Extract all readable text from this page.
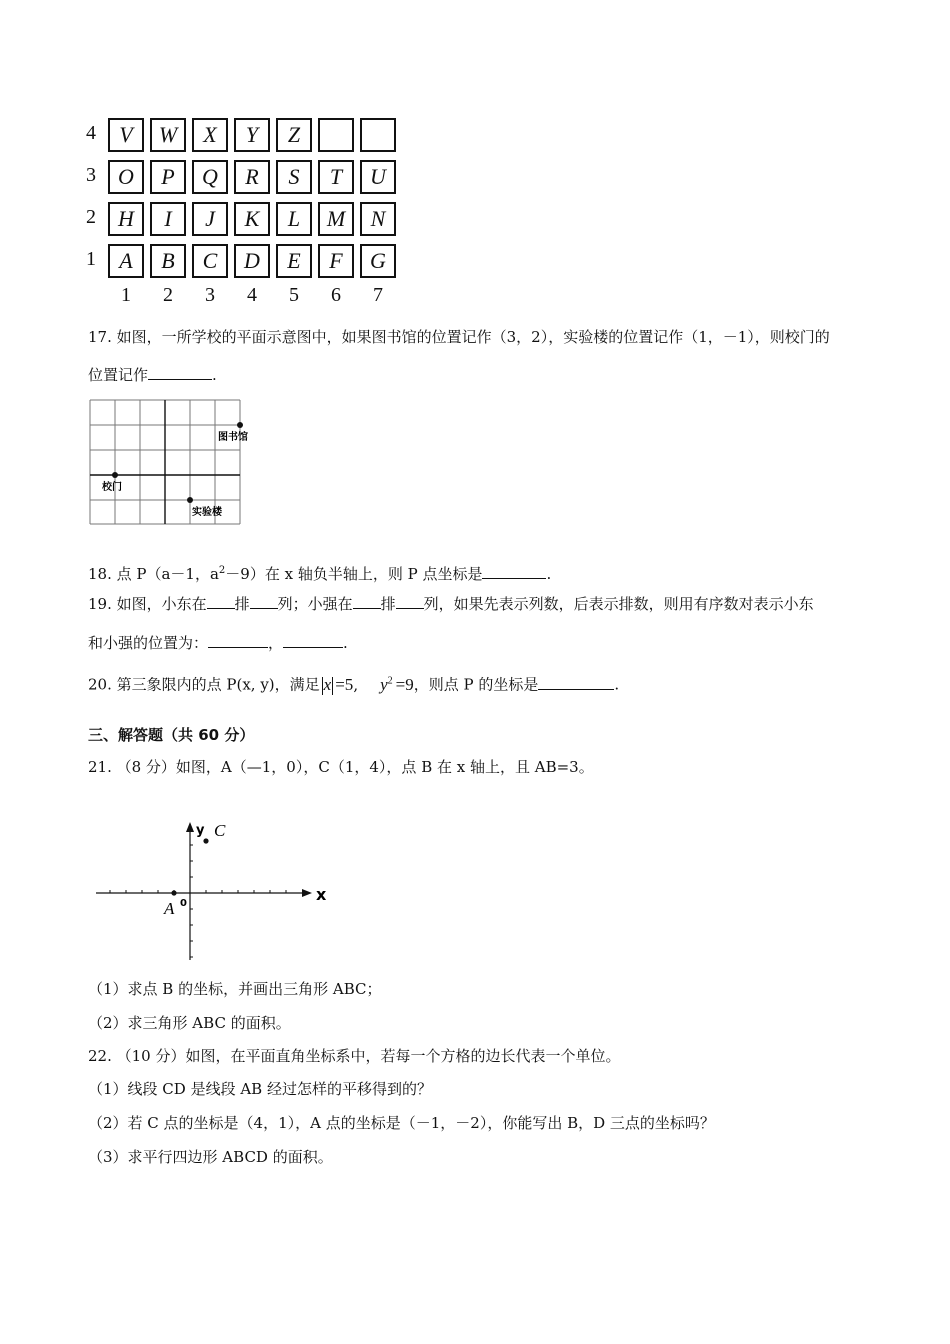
4	V	W	X	Y	Z
3	O	P	Q	R	S	T	U
2	H	I	J	K	L	M	N
1	A	B	C	D	E	F	G
1	2	3	4	5	6	7
17. 如图，一所学校的平面示意图中，如果图书馆的位置记作（3，2），实验楼的位置记作（1，－1），则校门的
位置记作	.
图书馆
校门
实验楼
18. 点 P（a－1，$a^2-9$）在 x 轴负半轴上，则 P 点坐标是	.
19. 如图，小东在 排 列；小强在 排 列，如果先表示列数，后表示排数，则用有序数对表示小东
和小强的位置为：	，	.
20. 第三象限内的点 P(x, y)，满足 x =5, $y^2 =9$，则点 P 的坐标是	.
三、解答题（共 60 分）
21. （8 分）如图，A（—1，0），C（1，4），点 B 在 x 轴上，且 AB=3。
x
y
0
A
C
（1）求点 B 的坐标，并画出三角形 ABC；
（2）求三角形 ABC 的面积。
22. （10 分）如图，在平面直角坐标系中，若每一个方格的边长代表一个单位。
（1）线段 CD 是线段 AB 经过怎样的平移得到的？
（2）若 C 点的坐标是（4，1），A 点的坐标是（－1，－2），你能写出 B，D 三点的坐标吗？
（3）求平行四边形 ABCD 的面积。
